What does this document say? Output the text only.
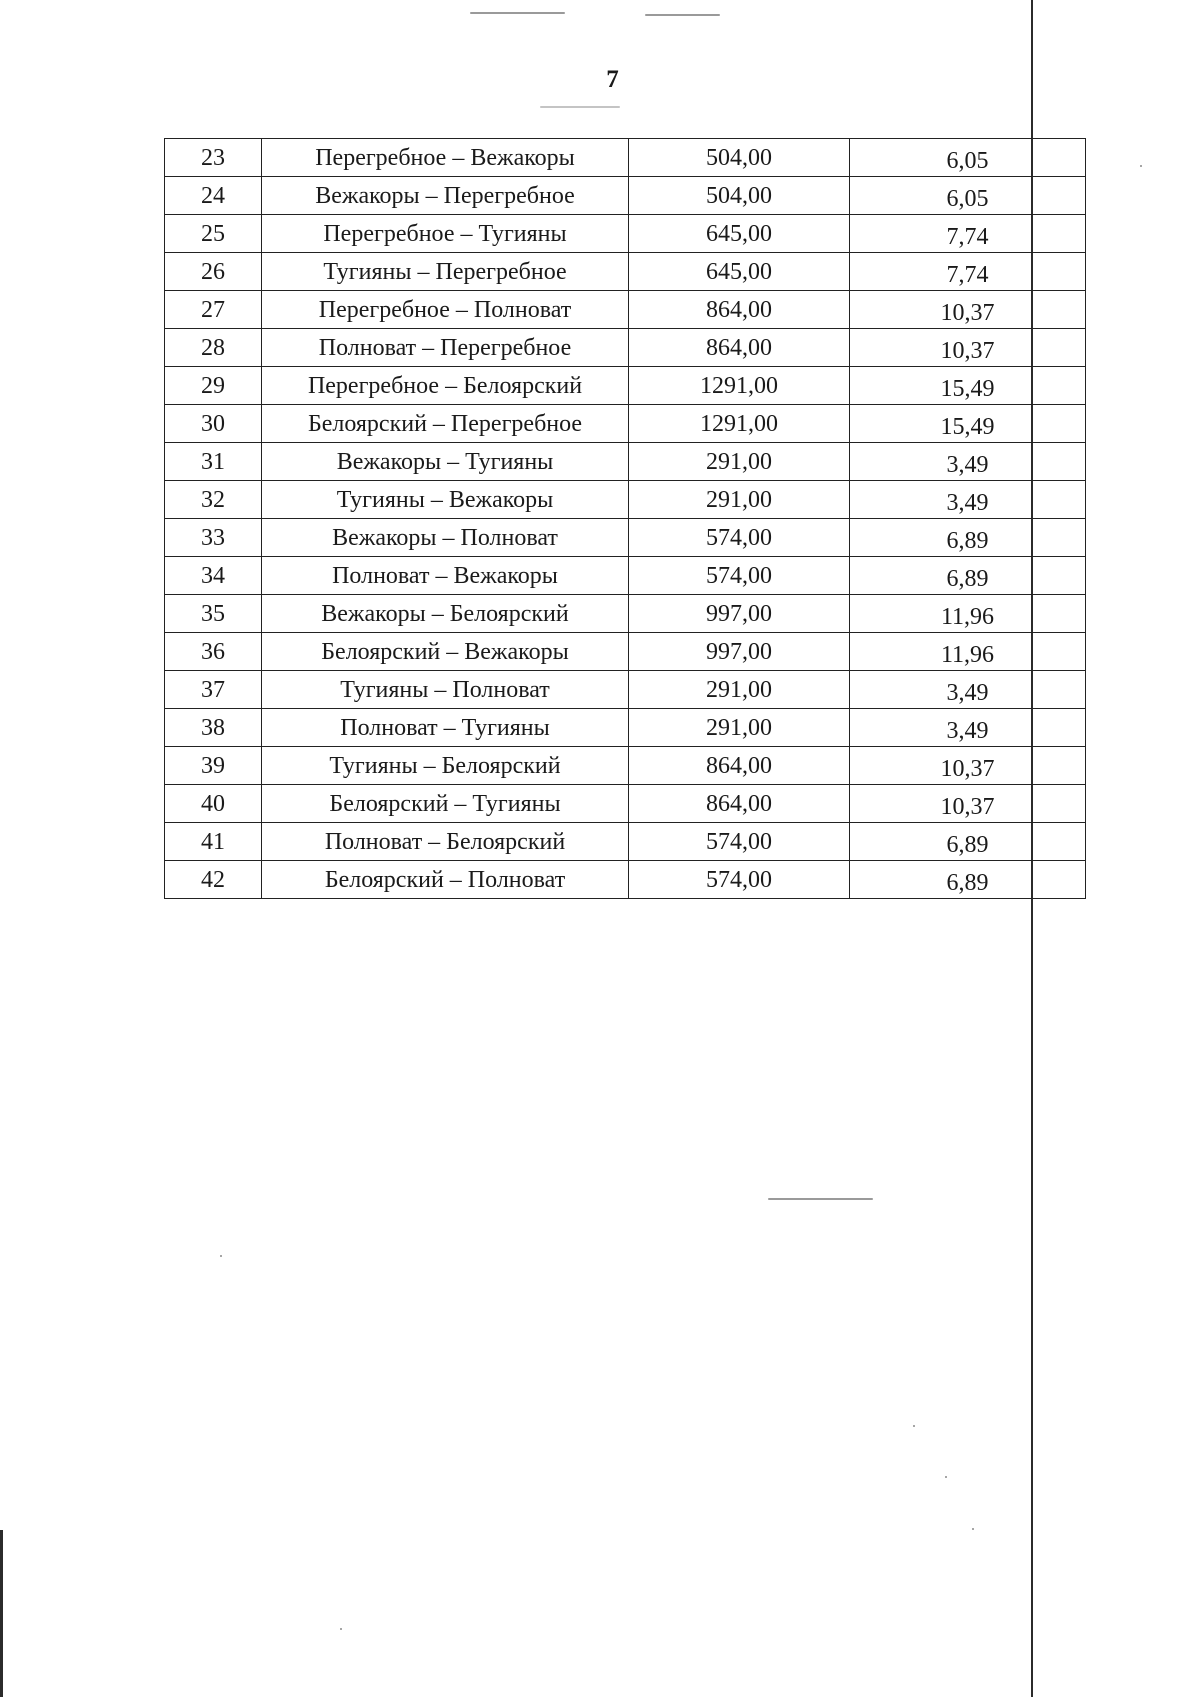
7
23	Перегребное – Вежакоры	504,00	6,05
24	Вежакоры – Перегребное	504,00	6,05
25	Перегребное – Тугияны	645,00	7,74
26	Тугияны – Перегребное	645,00	7,74
27	Перегребное – Полноват	864,00	10,37
28	Полноват – Перегребное	864,00	10,37
29	Перегребное – Белоярский	1291,00	15,49
30	Белоярский – Перегребное	1291,00	15,49
31	Вежакоры – Тугияны	291,00	3,49
32	Тугияны – Вежакоры	291,00	3,49
33	Вежакоры – Полноват	574,00	6,89
34	Полноват – Вежакоры	574,00	6,89
35	Вежакоры – Белоярский	997,00	11,96
36	Белоярский – Вежакоры	997,00	11,96
37	Тугияны – Полноват	291,00	3,49
38	Полноват – Тугияны	291,00	3,49
39	Тугияны – Белоярский	864,00	10,37
40	Белоярский – Тугияны	864,00	10,37
41	Полноват – Белоярский	574,00	6,89
42	Белоярский – Полноват	574,00	6,89
